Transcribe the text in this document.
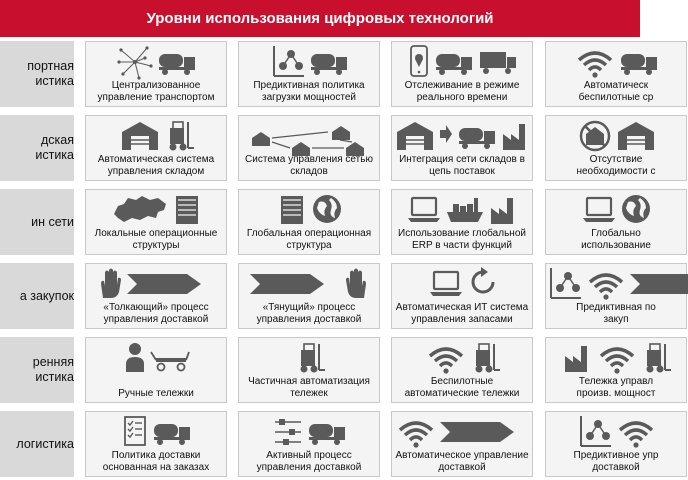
Уровни использования цифровых технологий
портная
истика	Централизованное
управление транспортом
Предиктивная политика
загрузки мощностей
Отслеживание в режиме
реального времени
Автоматическ
беспилотные ср
дская
истика	Автоматическая система
управления складом
Система управления сетью
складов
Интеграция сети складов в
цепь поставок
Отсутствие
необходимости с
ин сети
Локальные операционные
структуры
Глобальная операционная
структура
Использование глобальной
ERP в части функций
Глобально
использование
а закупок
«Толкающий» процесс
управления доставкой
«Тянущий» процесс
управления доставкой
Автоматическая ИТ система
управления запасами
Предиктивная по
закуп
ренняя
истика
Ручные тележки
Частичная автоматизация
тележек
Беспилотные
автоматические тележки
Тележка управл
произв. мощност
логистика
Политика доставки
основанная на заказах
Активный процесс
управления доставкой
Автоматическое управление
доставкой
Предиктивное упр
доставкой
